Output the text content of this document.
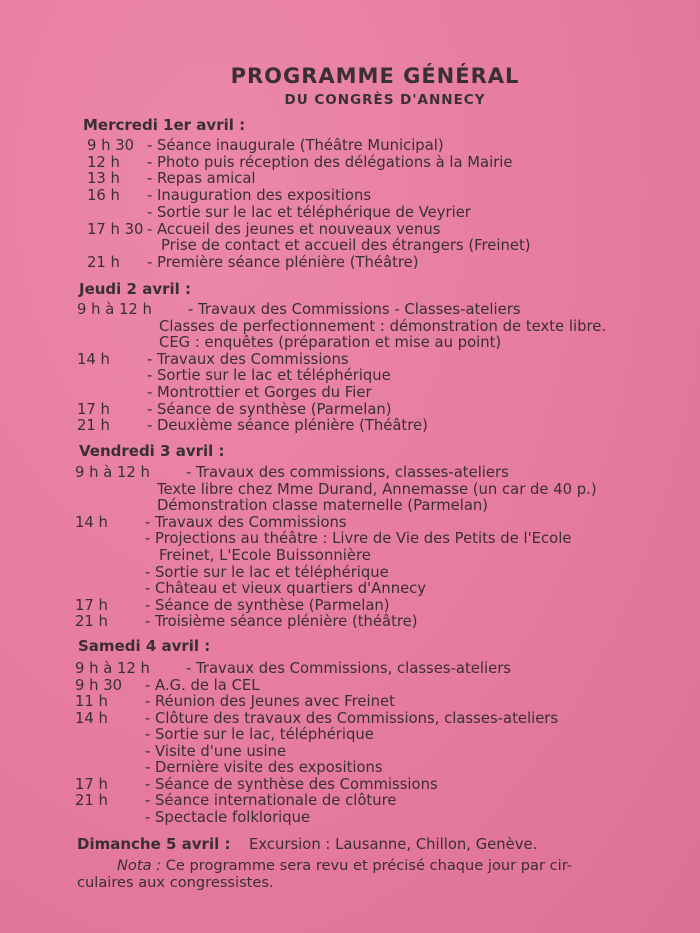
PROGRAMME GÉNÉRAL
DU CONGRÈS D'ANNECY
Mercredi 1er avril :
9 h 30 - Séance inaugurale (Théâtre Municipal)
12 h - Photo puis réception des délégations à la Mairie
13 h - Repas amical
16 h - Inauguration des expositions
- Sortie sur le lac et téléphérique de Veyrier
17 h 30 - Accueil des jeunes et nouveaux venus
Prise de contact et accueil des étrangers (Freinet)
21 h - Première séance plénière (Théâtre)
Jeudi 2 avril :
9 h à 12 h - Travaux des Commissions - Classes-ateliers
Classes de perfectionnement : démonstration de texte libre.
CEG : enquêtes (préparation et mise au point)
14 h	- Travaux des Commissions
- Sortie sur le lac et téléphérique
- Montrottier et Gorges du Fier
17 h	- Séance de synthèse (Parmelan)
21 h	- Deuxième séance plénière (Théâtre)
Vendredi 3 avril :
9 h à 12 h - Travaux des commissions, classes-ateliers
Texte libre chez Mme Durand, Annemasse (un car de 40 p.)
Démonstration classe maternelle (Parmelan)
14 h	- Travaux des Commissions
- Projections au théâtre : Livre de Vie des Petits de l'Ecole
Freinet, L'Ecole Buissonnière
- Sortie sur le lac et téléphérique
- Château et vieux quartiers d'Annecy
17 h	- Séance de synthèse (Parmelan)
21 h	- Troisième séance plénière (théâtre)
Samedi 4 avril :
9 h à 12 h - Travaux des Commissions, classes-ateliers
9 h 30 - A.G. de la CEL
11 h	- Réunion des Jeunes avec Freinet
14 h	- Clôture des travaux des Commissions, classes-ateliers
- Sortie sur le lac, téléphérique
- Visite d'une usine
- Dernière visite des expositions
17 h	- Séance de synthèse des Commissions
21 h	- Séance internationale de clôture
- Spectacle folklorique
Dimanche 5 avril : Excursion : Lausanne, Chillon, Genève.
Nota : Ce programme sera revu et précisé chaque jour par cir-
culaires aux congressistes.
